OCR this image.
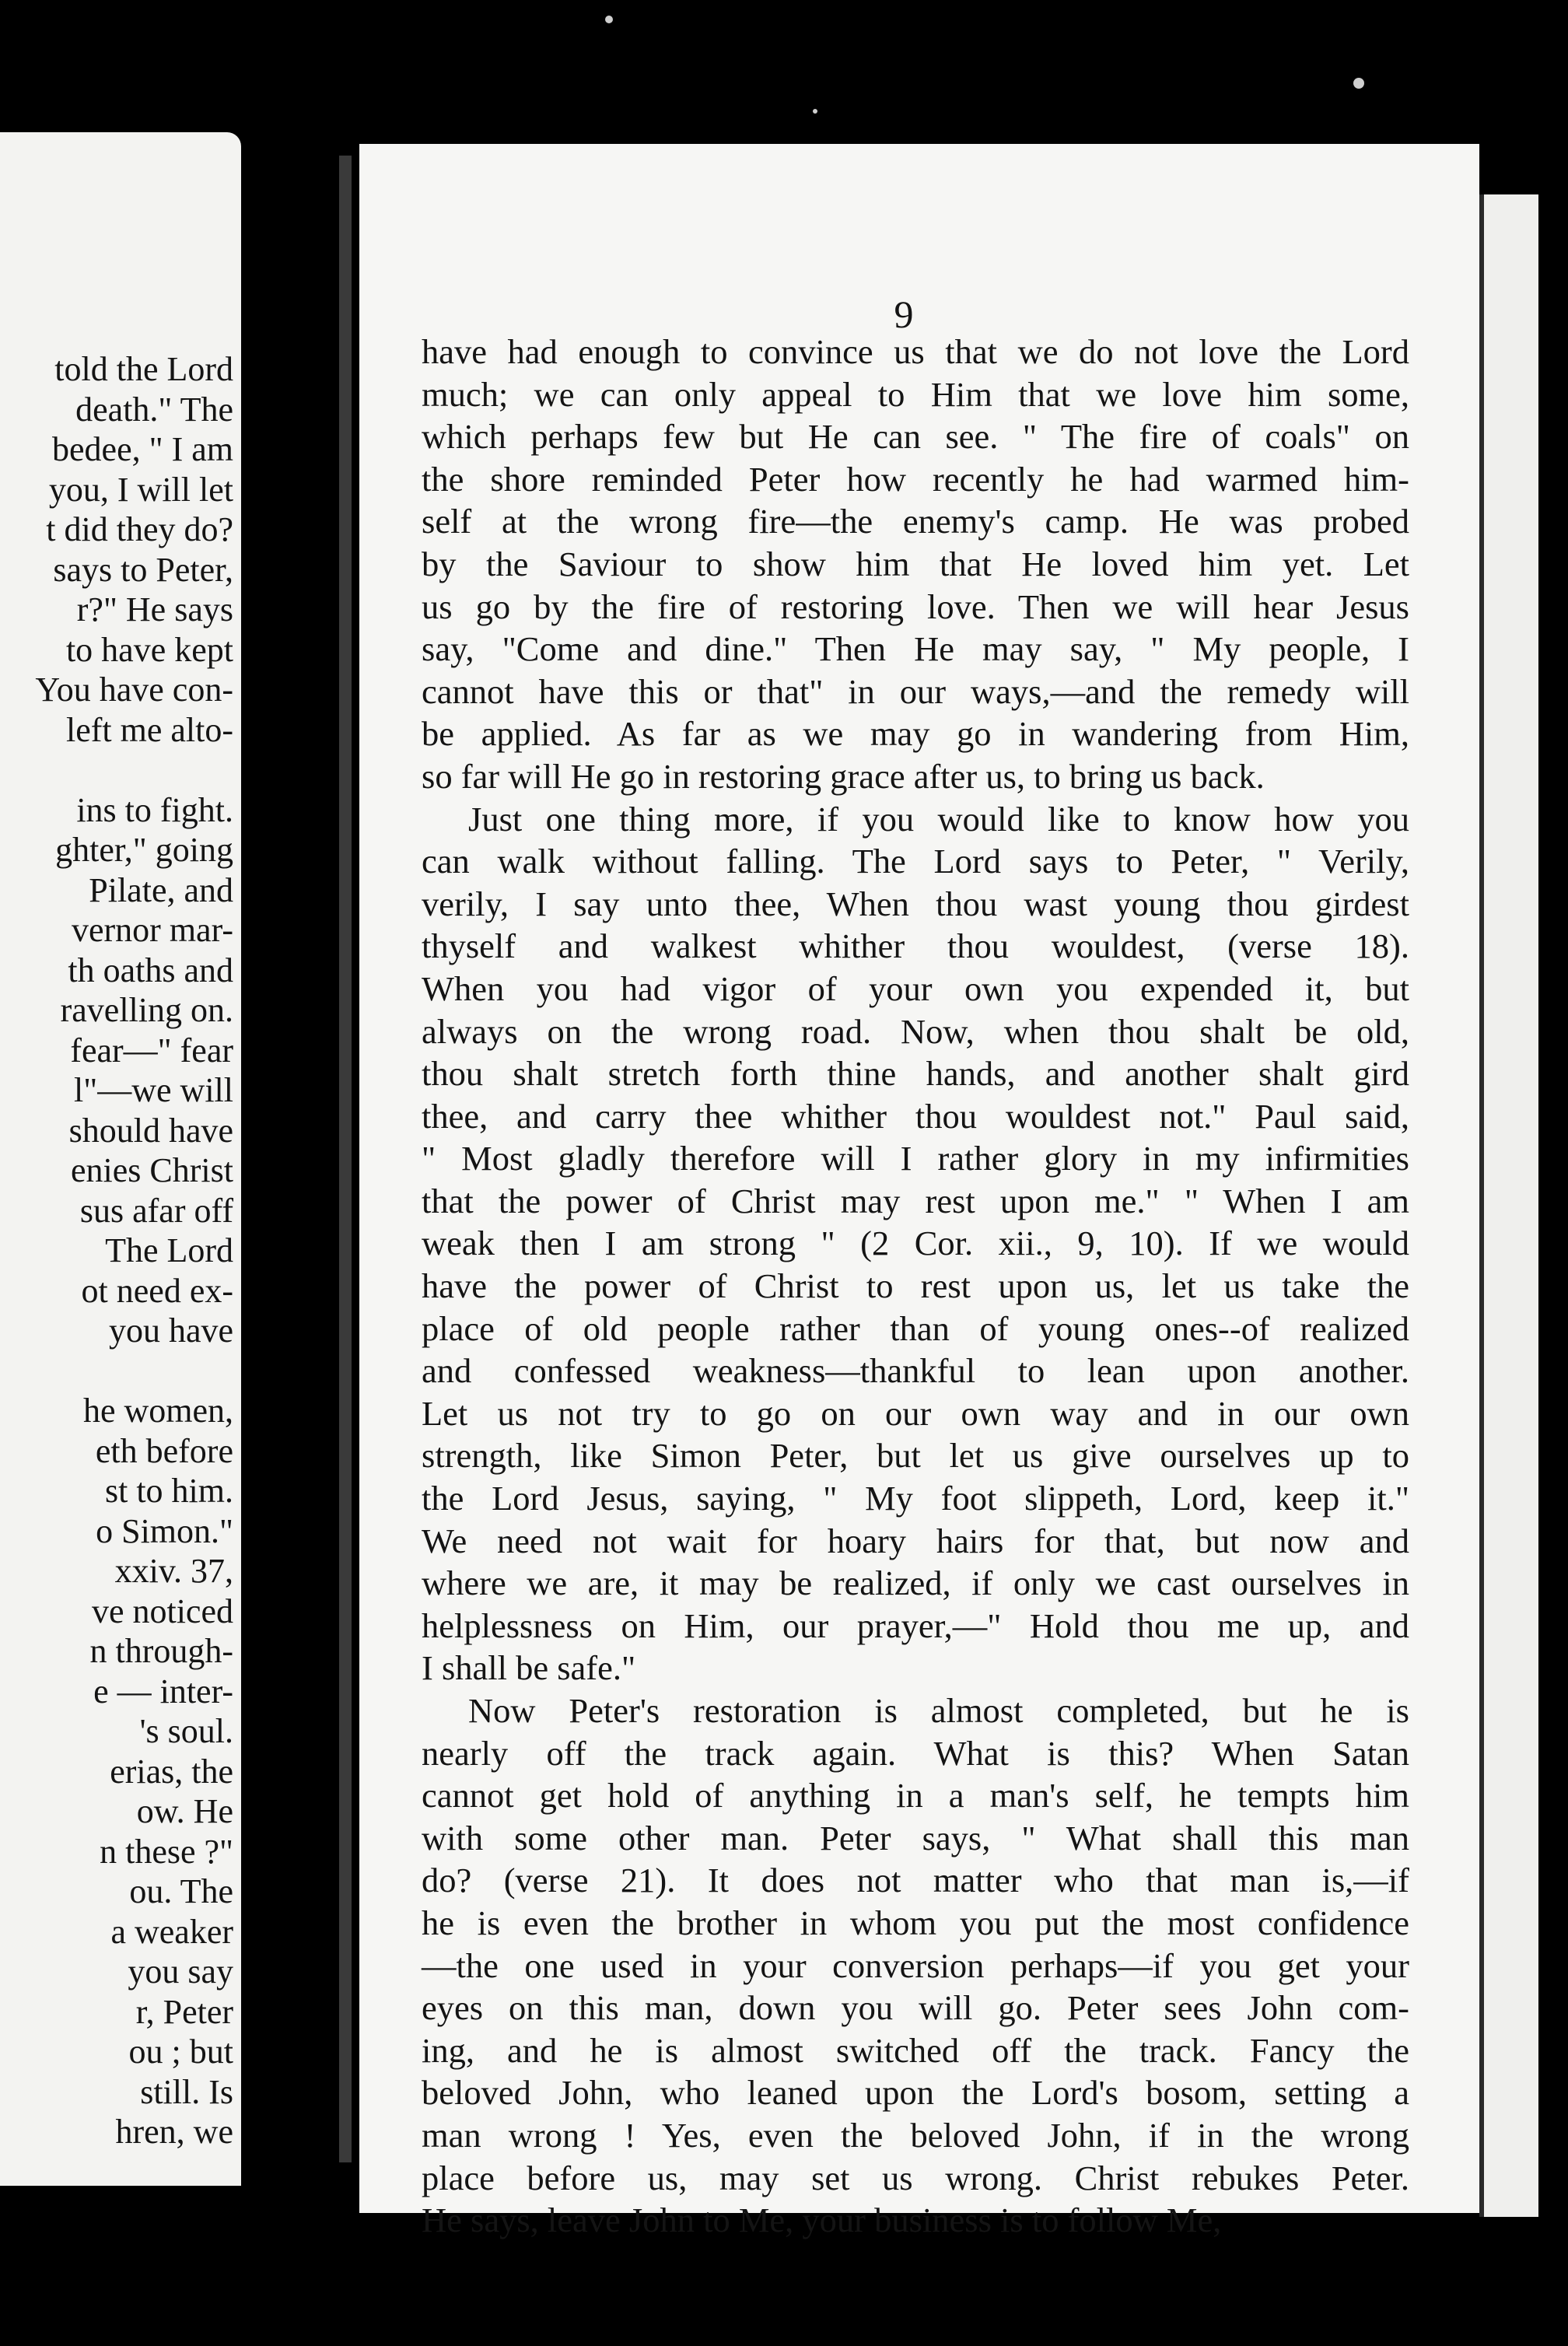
told the Lord
death." The
bedee, " I am
you, I will let
t did they do?
says to Peter,
r?" He says
to have kept
You have con-
left me alto-
ins to fight.
ghter," going
Pilate, and
vernor mar-
th oaths and
ravelling on.
fear—" fear
l"—we will
should have
enies Christ
sus afar off
The Lord
ot need ex-
you have
he women,
eth before
st to him.
o Simon."
xxiv. 37,
ve noticed
n through-
e — inter-
's soul.
erias, the
ow. He
n these ?"
ou. The
a weaker
you say
r, Peter
ou ; but
still. Is
hren, we
9
have had enough to convince us that we do not love the Lord
much; we can only appeal to Him that we love him some,
which perhaps few but He can see. " The fire of coals" on
the shore reminded Peter how recently he had warmed him-
self at the wrong fire—the enemy's camp. He was probed
by the Saviour to show him that He loved him yet. Let
us go by the fire of restoring love. Then we will hear Jesus
say, "Come and dine." Then He may say, " My people, I
cannot have this or that" in our ways,—and the remedy will
be applied. As far as we may go in wandering from Him,
so far will He go in restoring grace after us, to bring us back.
Just one thing more, if you would like to know how you
can walk without falling. The Lord says to Peter, " Verily,
verily, I say unto thee, When thou wast young thou girdest
thyself and walkest whither thou wouldest, (verse 18).
When you had vigor of your own you expended it, but
always on the wrong road. Now, when thou shalt be old,
thou shalt stretch forth thine hands, and another shalt gird
thee, and carry thee whither thou wouldest not." Paul said,
" Most gladly therefore will I rather glory in my infirmities
that the power of Christ may rest upon me." " When I am
weak then I am strong " (2 Cor. xii., 9, 10). If we would
have the power of Christ to rest upon us, let us take the
place of old people rather than of young ones--of realized
and confessed weakness—thankful to lean upon another.
Let us not try to go on our own way and in our own
strength, like Simon Peter, but let us give ourselves up to
the Lord Jesus, saying, " My foot slippeth, Lord, keep it."
We need not wait for hoary hairs for that, but now and
where we are, it may be realized, if only we cast ourselves in
helplessness on Him, our prayer,—" Hold thou me up, and
I shall be safe."
Now Peter's restoration is almost completed, but he is
nearly off the track again. What is this? When Satan
cannot get hold of anything in a man's self, he tempts him
with some other man. Peter says, " What shall this man
do? (verse 21). It does not matter who that man is,—if
he is even the brother in whom you put the most confidence
—the one used in your conversion perhaps—if you get your
eyes on this man, down you will go. Peter sees John com-
ing, and he is almost switched off the track. Fancy the
beloved John, who leaned upon the Lord's bosom, setting a
man wrong ! Yes, even the beloved John, if in the wrong
place before us, may set us wrong. Christ rebukes Peter.
He says, leave John to Me, your business is to follow Me,
